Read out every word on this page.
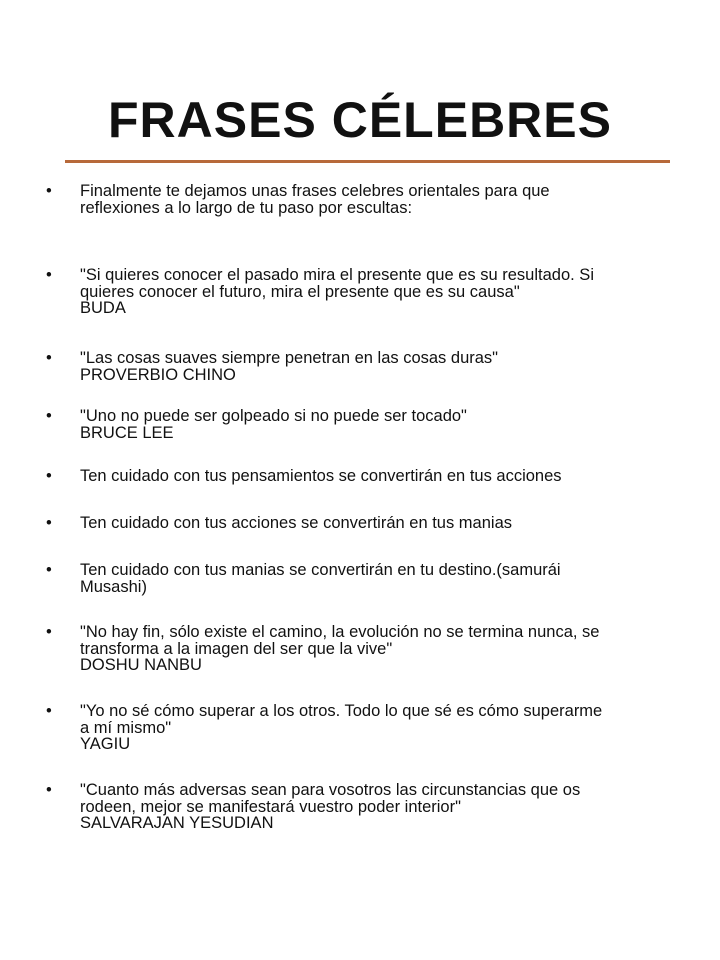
FRASES CÉLEBRES
• Finalmente te dejamos unas frases celebres orientales para que
reflexiones a lo largo de tu paso por escultas:
• "Si quieres conocer el pasado mira el presente que es su resultado. Si
quieres conocer el futuro, mira el presente que es su causa"
BUDA
• "Las cosas suaves siempre penetran en las cosas duras"
PROVERBIO CHINO
• "Uno no puede ser golpeado si no puede ser tocado"
BRUCE LEE
• Ten cuidado con tus pensamientos se convertirán en tus acciones
• Ten cuidado con tus acciones se convertirán en tus manias
• Ten cuidado con tus manias se convertirán en tu destino.(samurái
Musashi)
• "No hay fin, sólo existe el camino, la evolución no se termina nunca, se
transforma a la imagen del ser que la vive"
DOSHU NANBU
• "Yo no sé cómo superar a los otros. Todo lo que sé es cómo superarme
a mí mismo"
YAGIU
• "Cuanto más adversas sean para vosotros las circunstancias que os
rodeen, mejor se manifestará vuestro poder interior"
SALVARAJAN YESUDIAN
